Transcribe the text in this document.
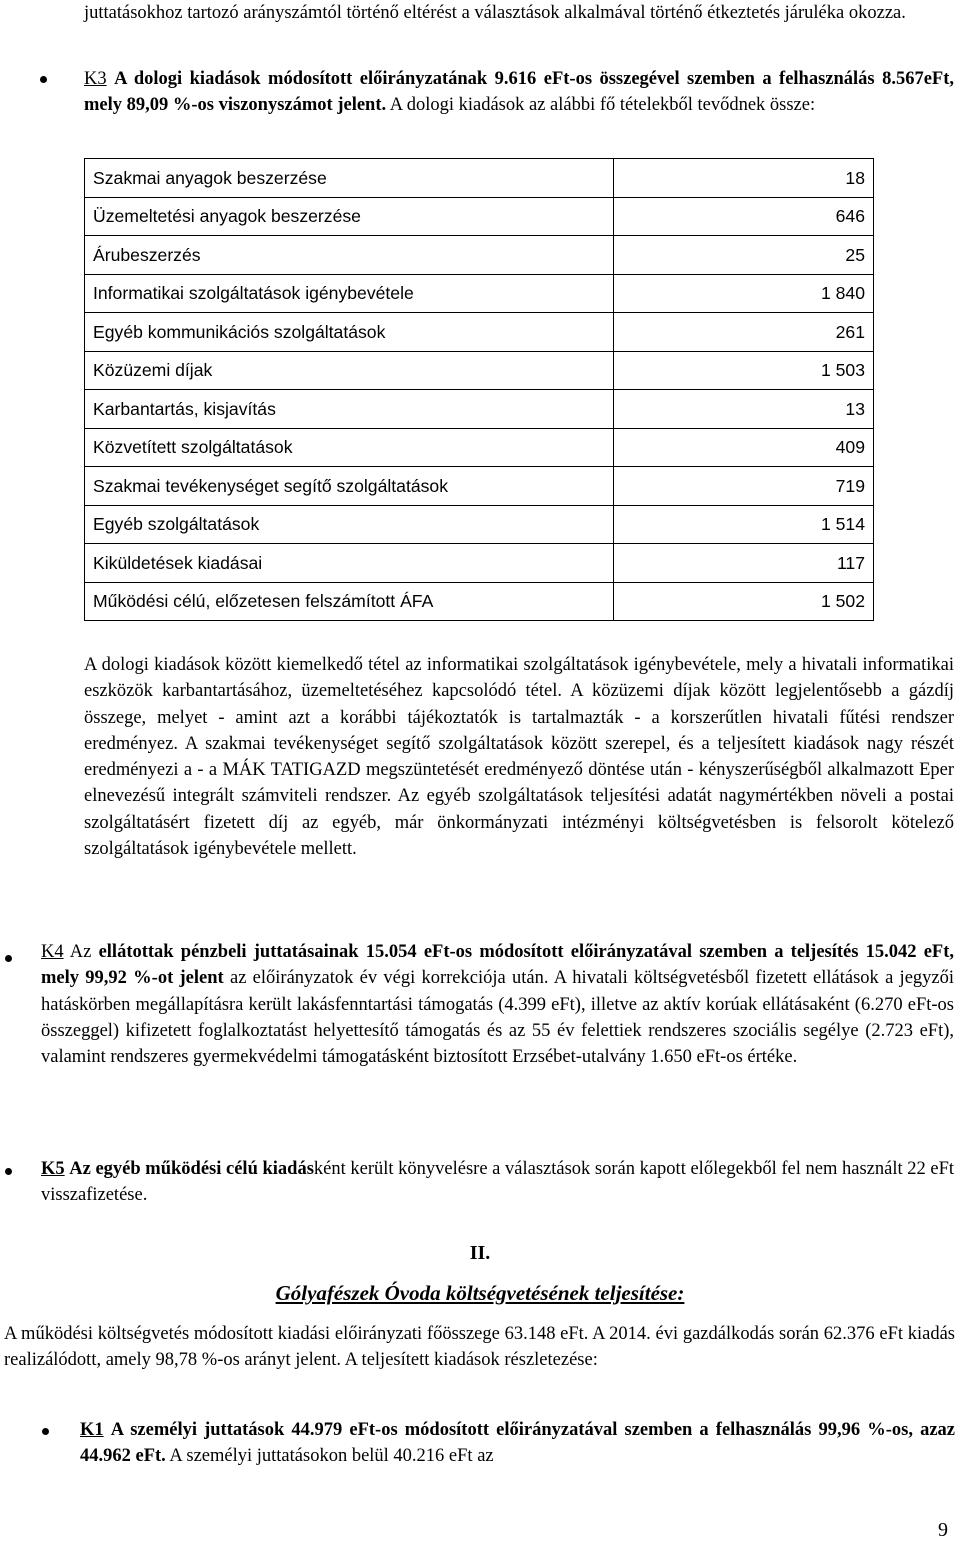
juttatásokhoz tartozó arányszámtól történő eltérést a választások alkalmával történő étkeztetés járuléka okozza.
K3 A dologi kiadások módosított előirányzatának 9.616 eFt-os összegével szemben a felhasználás 8.567eFt, mely 89,09 %-os viszonyszámot jelent. A dologi kiadások az alábbi fő tételekből tevődnek össze:
Szakmai anyagok beszerzése	18
Üzemeltetési anyagok beszerzése	646
Árubeszerzés	25
Informatikai szolgáltatások igénybevétele	1 840
Egyéb kommunikációs szolgáltatások	261
Közüzemi díjak	1 503
Karbantartás, kisjavítás	13
Közvetített szolgáltatások	409
Szakmai tevékenységet segítő szolgáltatások	719
Egyéb szolgáltatások	1 514
Kiküldetések kiadásai	117
Működési célú, előzetesen felszámított ÁFA	1 502
A dologi kiadások között kiemelkedő tétel az informatikai szolgáltatások igénybevétele, mely a hivatali informatikai eszközök karbantartásához, üzemeltetéséhez kapcsolódó tétel. A közüzemi díjak között legjelentősebb a gázdíj összege, melyet - amint azt a korábbi tájékoztatók is tartalmazták - a korszerűtlen hivatali fűtési rendszer eredményez. A szakmai tevékenységet segítő szolgáltatások között szerepel, és a teljesített kiadások nagy részét eredményezi a - a MÁK TATIGAZD megszüntetését eredményező döntése után - kényszerűségből alkalmazott Eper elnevezésű integrált számviteli rendszer. Az egyéb szolgáltatások teljesítési adatát nagymértékben növeli a postai szolgáltatásért fizetett díj az egyéb, már önkormányzati intézményi költségvetésben is felsorolt kötelező szolgáltatások igénybevétele mellett.
K4 Az ellátottak pénzbeli juttatásainak 15.054 eFt-os módosított előirányzatával szemben a teljesítés 15.042 eFt, mely 99,92 %-ot jelent az előirányzatok év végi korrekciója után. A hivatali költségvetésből fizetett ellátások a jegyzői hatáskörben megállapításra került lakásfenntartási támogatás (4.399 eFt), illetve az aktív korúak ellátásaként (6.270 eFt-os összeggel) kifizetett foglalkoztatást helyettesítő támogatás és az 55 év felettiek rendszeres szociális segélye (2.723 eFt), valamint rendszeres gyermekvédelmi támogatásként biztosított Erzsébet-utalvány 1.650 eFt-os értéke.
K5 Az egyéb működési célú kiadásként került könyvelésre a választások során kapott előlegekből fel nem használt 22 eFt visszafizetése.
II.
Gólyafészek Óvoda költségvetésének teljesítése:
A működési költségvetés módosított kiadási előirányzati főösszege 63.148 eFt. A 2014. évi gazdálkodás során 62.376 eFt kiadás realizálódott, amely 98,78 %-os arányt jelent. A teljesített kiadások részletezése:
K1 A személyi juttatások 44.979 eFt-os módosított előirányzatával szemben a felhasználás 99,96 %-os, azaz 44.962 eFt. A személyi juttatásokon belül 40.216 eFt az
9
